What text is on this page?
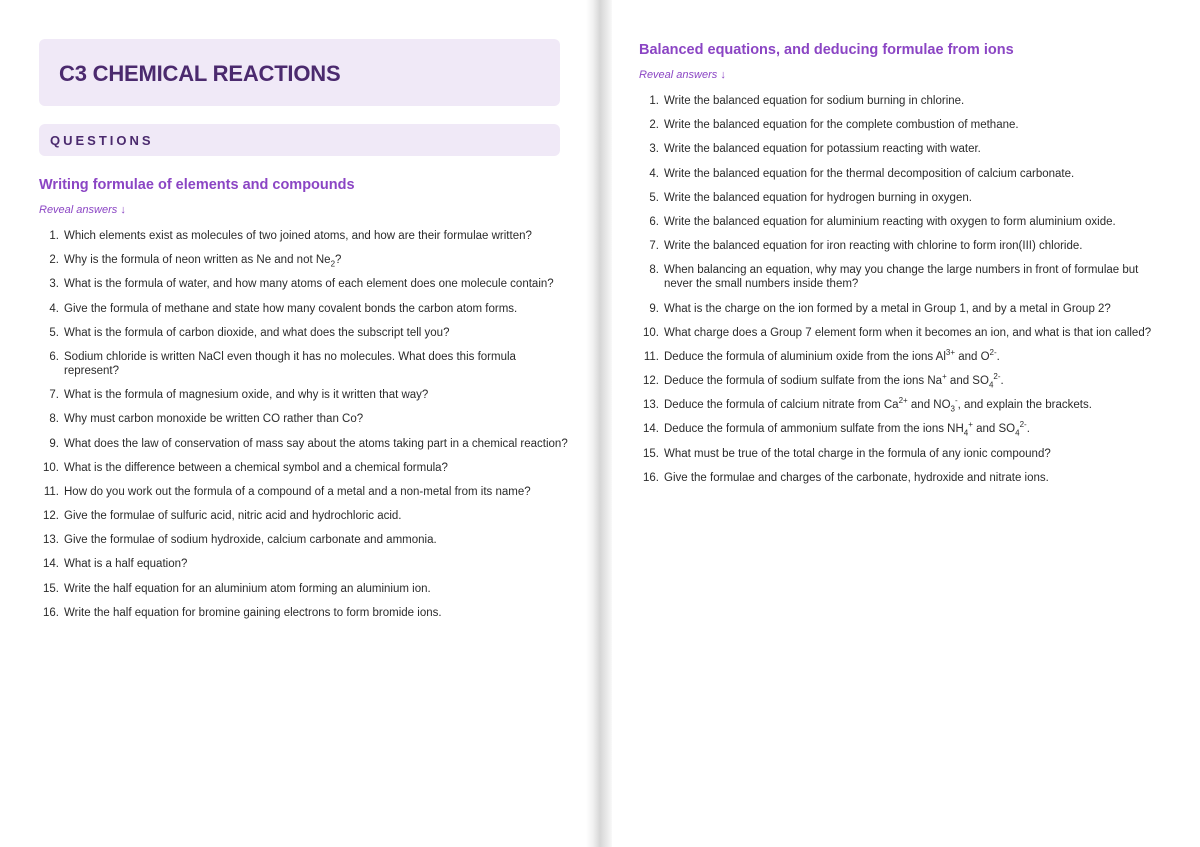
C3 CHEMICAL REACTIONS
QUESTIONS
Writing formulae of elements and compounds
Reveal answers ↓
1. Which elements exist as molecules of two joined atoms, and how are their formulae written?
2. Why is the formula of neon written as Ne and not $Ne_2$?
3. What is the formula of water, and how many atoms of each element does one molecule contain?
4. Give the formula of methane and state how many covalent bonds the carbon atom forms.
5. What is the formula of carbon dioxide, and what does the subscript tell you?
6. Sodium chloride is written NaCl even though it has no molecules. What does this formula represent?
7. What is the formula of magnesium oxide, and why is it written that way?
8. Why must carbon monoxide be written CO rather than Co?
9. What does the law of conservation of mass say about the atoms taking part in a chemical reaction?
10. What is the difference between a chemical symbol and a chemical formula?
11. How do you work out the formula of a compound of a metal and a non-metal from its name?
12. Give the formulae of sulfuric acid, nitric acid and hydrochloric acid.
13. Give the formulae of sodium hydroxide, calcium carbonate and ammonia.
14. What is a half equation?
15. Write the half equation for an aluminium atom forming an aluminium ion.
16. Write the half equation for bromine gaining electrons to form bromide ions.
Balanced equations, and deducing formulae from ions
Reveal answers ↓
1. Write the balanced equation for sodium burning in chlorine.
2. Write the balanced equation for the complete combustion of methane.
3. Write the balanced equation for potassium reacting with water.
4. Write the balanced equation for the thermal decomposition of calcium carbonate.
5. Write the balanced equation for hydrogen burning in oxygen.
6. Write the balanced equation for aluminium reacting with oxygen to form aluminium oxide.
7. Write the balanced equation for iron reacting with chlorine to form iron(III) chloride.
8. When balancing an equation, why may you change the large numbers in front of formulae but never the small numbers inside them?
9. What is the charge on the ion formed by a metal in Group 1, and by a metal in Group 2?
10. What charge does a Group 7 element form when it becomes an ion, and what is that ion called?
11. Deduce the formula of aluminium oxide from the ions $Al^{3+}$ and $O^{2-}$.
12. Deduce the formula of sodium sulfate from the ions Na+ and $SO_4^{2-}$.
13. Deduce the formula of calcium nitrate from $Ca^{2+}$ and $NO_3^-$, and explain the brackets.
14. Deduce the formula of ammonium sulfate from the ions $NH_4^+$ and $SO_4^{2-}$.
15. What must be true of the total charge in the formula of any ionic compound?
16. Give the formulae and charges of the carbonate, hydroxide and nitrate ions.
